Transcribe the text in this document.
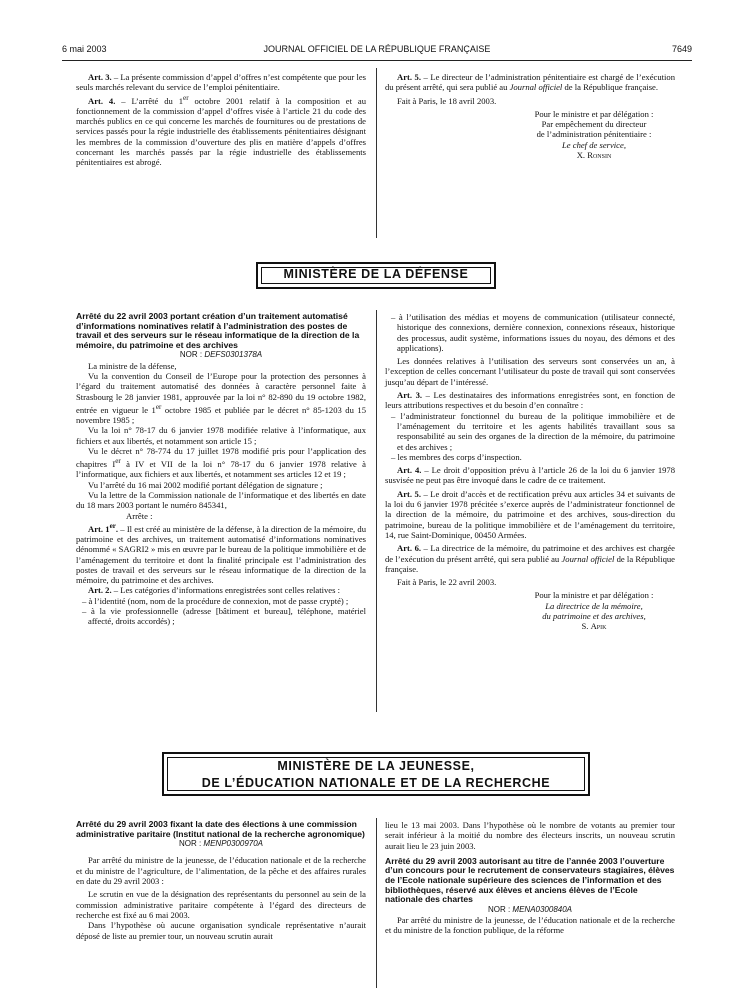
6 mai 2003	JOURNAL OFFICIEL DE LA RÉPUBLIQUE FRANÇAISE	7649

Art. 3. – La présente commission d’appel d’offres n’est compétente que pour les seuls marchés relevant du service de l’emploi pénitentiaire.

Art. 4. – L’arrêté du 1er octobre 2001 relatif à la composition et au fonctionnement de la commission d’appel d’offres visée à l’article 21 du code des marchés publics en ce qui concerne les marchés de fournitures ou de prestations de services passés pour la régie industrielle des établissements pénitentiaires désignant les membres de la commission d’ouverture des plis en matière d’appels d’offres concernant les marchés passés par la régie industrielle des établissements pénitentiaires est abrogé.

Art. 5. – Le directeur de l’administration pénitentiaire est chargé de l’exécution du présent arrêté, qui sera publié au Journal officiel de la République française.

Fait à Paris, le 18 avril 2003.

Pour le ministre et par délégation :

Par empêchement du directeur

de l’administration pénitentiaire :

Le chef de service,

X. Ronsin

MINISTÈRE DE LA DÉFENSE

Arrêté du 22 avril 2003 portant création d’un traitement automatisé d’informations nominatives relatif à l’administration des postes de travail et des serveurs sur le réseau informatique de la direction de la mémoire, du patrimoine et des archives

NOR : DEFS0301378A

La ministre de la défense,

Vu la convention du Conseil de l’Europe pour la protection des personnes à l’égard du traitement automatisé des données à caractère personnel faite à Strasbourg le 28 janvier 1981, approuvée par la loi n° 82-890 du 19 octobre 1982, entrée en vigueur le 1er octobre 1985 et publiée par le décret n° 85-1203 du 15 novembre 1985 ;

Vu la loi n° 78-17 du 6 janvier 1978 modifiée relative à l’informatique, aux fichiers et aux libertés, et notamment son article 15 ;

Vu le décret n° 78-774 du 17 juillet 1978 modifié pris pour l’application des chapitres Ier à IV et VII de la loi n° 78-17 du 6 janvier 1978 relative à l’informatique, aux fichiers et aux libertés, et notamment ses articles 12 et 19 ;

Vu l’arrêté du 16 mai 2002 modifié portant délégation de signature ;

Vu la lettre de la Commission nationale de l’informatique et des libertés en date du 18 mars 2003 portant le numéro 845341,

Arrête :

Art. 1er. – Il est créé au ministère de la défense, à la direction de la mémoire, du patrimoine et des archives, un traitement automatisé d’informations nominatives dénommé « SAGRI2 » mis en œuvre par le bureau de la politique immobilière et de l’aménagement du territoire et dont la finalité principale est l’administration des postes de travail et des serveurs sur le réseau informatique de la direction de la mémoire, du patrimoine et des archives.

Art. 2. – Les catégories d’informations enregistrées sont celles relatives :

– à l’identité (nom, nom de la procédure de connexion, mot de passe crypté) ;

– à la vie professionnelle (adresse [bâtiment et bureau], téléphone, matériel affecté, droits accordés) ;

– à l’utilisation des médias et moyens de communication (utilisateur connecté, historique des connexions, dernière connexion, connexions réseaux, historique des processus, audit système, informations issues du noyau, des démons et des applications).

Les données relatives à l’utilisation des serveurs sont conservées un an, à l’exception de celles concernant l’utilisateur du poste de travail qui sont conservées jusqu’au départ de l’intéressé.

Art. 3. – Les destinataires des informations enregistrées sont, en fonction de leurs attributions respectives et du besoin d’en connaître :

– l’administrateur fonctionnel du bureau de la politique immobilière et de l’aménagement du territoire et les agents habilités travaillant sous sa responsabilité au sein des organes de la direction de la mémoire, du patrimoine et des archives ;

– les membres des corps d’inspection.

Art. 4. – Le droit d’opposition prévu à l’article 26 de la loi du 6 janvier 1978 susvisée ne peut pas être invoqué dans le cadre de ce traitement.

Art. 5. – Le droit d’accès et de rectification prévu aux articles 34 et suivants de la loi du 6 janvier 1978 précitée s’exerce auprès de l’administrateur fonctionnel de la direction de la mémoire, du patrimoine et des archives, sous-direction du patrimoine, bureau de la politique immobilière et de l’aménagement du territoire, 14, rue Saint-Dominique, 00450 Armées.

Art. 6. – La directrice de la mémoire, du patrimoine et des archives est chargée de l’exécution du présent arrêté, qui sera publié au Journal officiel de la République française.

Fait à Paris, le 22 avril 2003.

Pour la ministre et par délégation :

La directrice de la mémoire,

du patrimoine et des archives,

S. Apik

MINISTÈRE DE LA JEUNESSE,
DE L’ÉDUCATION NATIONALE ET DE LA RECHERCHE

Arrêté du 29 avril 2003 fixant la date des élections à une commission administrative paritaire (Institut national de la recherche agronomique)

NOR : MENP0300970A

Par arrêté du ministre de la jeunesse, de l’éducation nationale et de la recherche et du ministre de l’agriculture, de l’alimentation, de la pêche et des affaires rurales en date du 29 avril 2003 :

Le scrutin en vue de la désignation des représentants du personnel au sein de la commission administrative paritaire compétente à l’égard des directeurs de recherche est fixé au 6 mai 2003.

Dans l’hypothèse où aucune organisation syndicale représentative n’aurait déposé de liste au premier tour, un nouveau scrutin aurait

lieu le 13 mai 2003. Dans l’hypothèse où le nombre de votants au premier tour serait inférieur à la moitié du nombre des électeurs inscrits, un nouveau scrutin aurait lieu le 23 juin 2003.

Arrêté du 29 avril 2003 autorisant au titre de l’année 2003 l’ouverture d’un concours pour le recrutement de conservateurs stagiaires, élèves de l’Ecole nationale supérieure des sciences de l’information et des bibliothèques, réservé aux élèves et anciens élèves de l’Ecole nationale des chartes

NOR : MENA0300840A

Par arrêté du ministre de la jeunesse, de l’éducation nationale et de la recherche et du ministre de la fonction publique, de la réforme
